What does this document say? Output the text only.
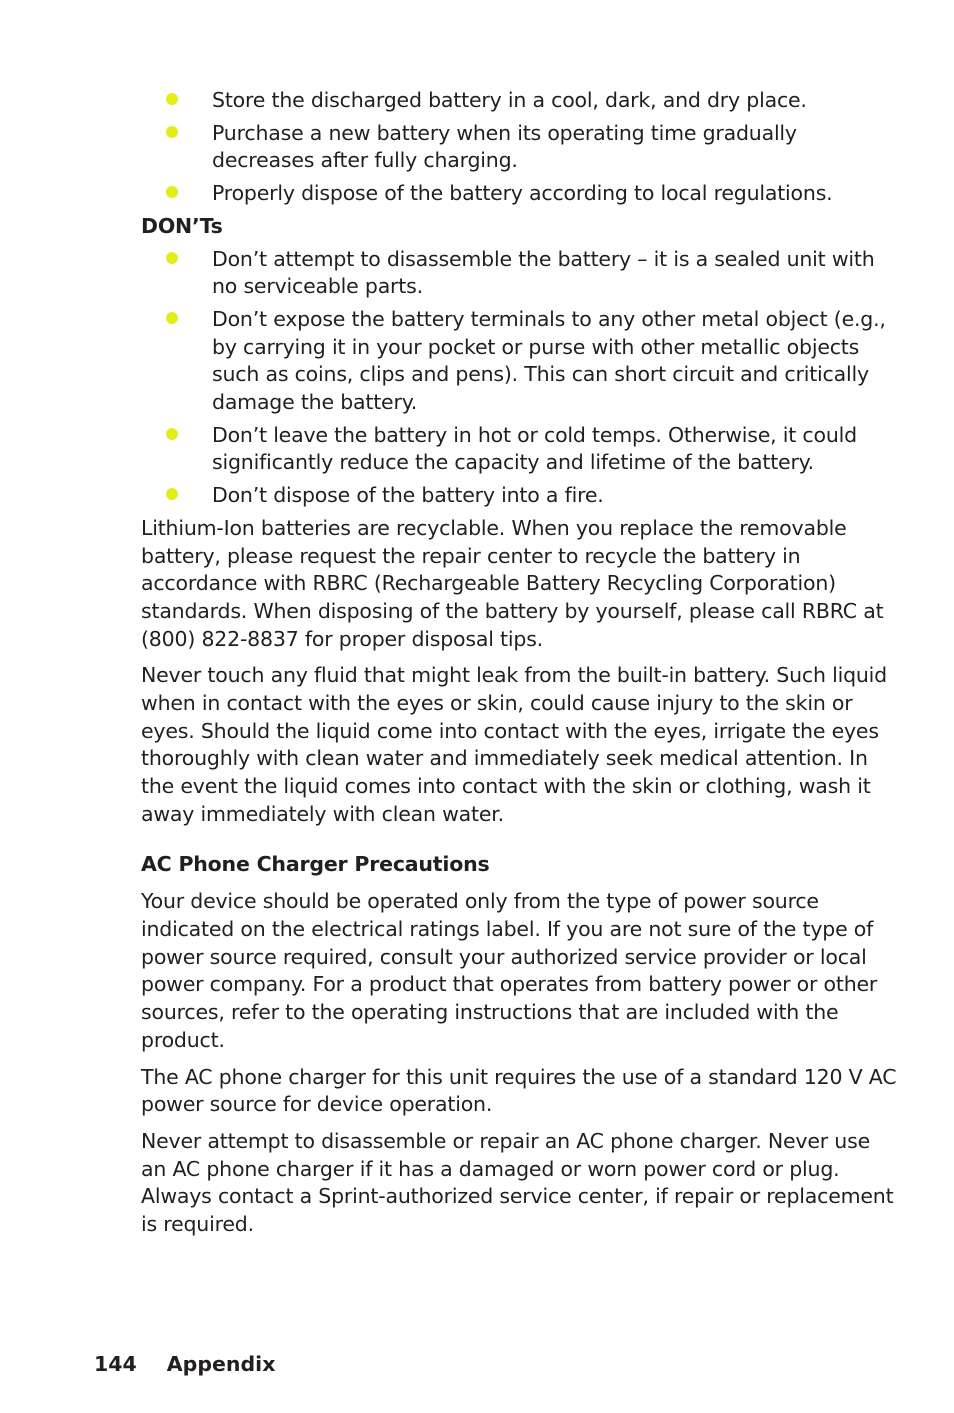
Store the discharged battery in a cool, dark, and dry place.
Purchase a new battery when its operating time gradually decreases after fully charging.
Properly dispose of the battery according to local regulations.
DON’Ts
Don’t attempt to disassemble the battery – it is a sealed unit with no serviceable parts.
Don’t expose the battery terminals to any other metal object (e.g., by carrying it in your pocket or purse with other metallic objects such as coins, clips and pens). This can short circuit and critically damage the battery.
Don’t leave the battery in hot or cold temps. Otherwise, it could significantly reduce the capacity and lifetime of the battery.
Don’t dispose of the battery into a fire.

Lithium-Ion batteries are recyclable. When you replace the removable battery, please request the repair center to recycle the battery in accordance with RBRC (Rechargeable Battery Recycling Corporation) standards. When disposing of the battery by yourself, please call RBRC at (800) 822-8837 for proper disposal tips.

Never touch any fluid that might leak from the built-in battery. Such liquid when in contact with the eyes or skin, could cause injury to the skin or eyes. Should the liquid come into contact with the eyes, irrigate the eyes thoroughly with clean water and immediately seek medical attention. In the event the liquid comes into contact with the skin or clothing, wash it away immediately with clean water.

AC Phone Charger Precautions

Your device should be operated only from the type of power source indicated on the electrical ratings label. If you are not sure of the type of power source required, consult your authorized service provider or local power company. For a product that operates from battery power or other sources, refer to the operating instructions that are included with the product.

The AC phone charger for this unit requires the use of a standard 120 V AC power source for device operation.

Never attempt to disassemble or repair an AC phone charger. Never use an AC phone charger if it has a damaged or worn power cord or plug. Always contact a Sprint-authorized service center, if repair or replacement is required.

144 Appendix
